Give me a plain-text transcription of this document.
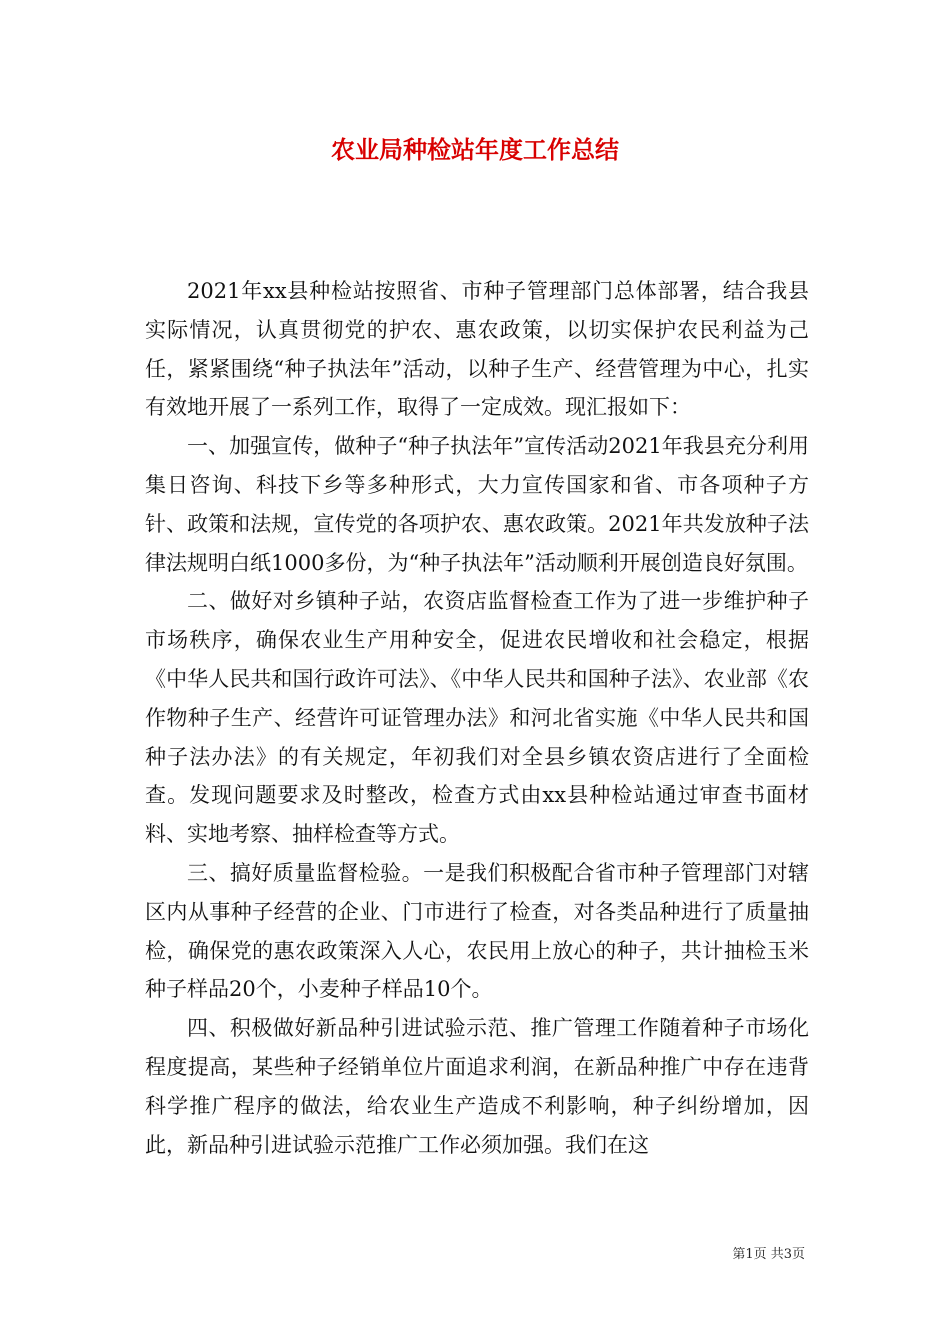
农业局种检站年度工作总结

2021年xx县种检站按照省、市种子管理部门总体部署，结合我县实际情况，认真贯彻党的护农、惠农政策，以切实保护农民利益为己任，紧紧围绕“种子执法年”活动，以种子生产、经营管理为中心，扎实有效地开展了一系列工作，取得了一定成效。现汇报如下：

一、加强宣传，做种子“种子执法年”宣传活动2021年我县充分利用集日咨询、科技下乡等多种形式，大力宣传国家和省、市各项种子方针、政策和法规，宣传党的各项护农、惠农政策。2021年共发放种子法律法规明白纸1000多份，为“种子执法年”活动顺利开展创造良好氛围。

二、做好对乡镇种子站，农资店监督检查工作为了进一步维护种子市场秩序，确保农业生产用种安全，促进农民增收和社会稳定，根据《中华人民共和国行政许可法》、《中华人民共和国种子法》、农业部《农作物种子生产、经营许可证管理办法》和河北省实施《中华人民共和国种子法办法》的有关规定，年初我们对全县乡镇农资店进行了全面检查。发现问题要求及时整改，检查方式由xx县种检站通过审查书面材料、实地考察、抽样检查等方式。

三、搞好质量监督检验。一是我们积极配合省市种子管理部门对辖区内从事种子经营的企业、门市进行了检查，对各类品种进行了质量抽检，确保党的惠农政策深入人心，农民用上放心的种子，共计抽检玉米种子样品20个，小麦种子样品10个。

四、积极做好新品种引进试验示范、推广管理工作随着种子市场化程度提高，某些种子经销单位片面追求利润，在新品种推广中存在违背科学推广程序的做法，给农业生产造成不利影响，种子纠纷增加，因此，新品种引进试验示范推广工作必须加强。我们在这

第1页 共3页
